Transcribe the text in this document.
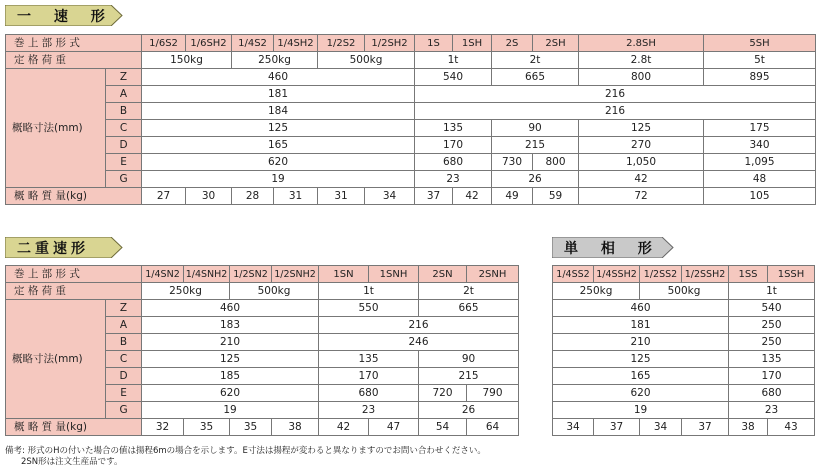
一 速 形
二重速形	単 相 形
巻 上 部 形 式		1/6S2	1/6SH2	1/4S2	1/4SH2	1/2S2	1/2SH2	1S	1SH	2S	2SH	2.8SH	5SH
定 格 荷 重		150kg		250kg		500kg		1t		2t		2.8t	5t
概略寸法(mm)	Z	460						540		665		800	895
	A	181						216					
	B	184						216					
	C	125						135		90		125	175
	D	165						170		215		270	340
	E	620						680		730	800	1,050	1,095
	G	19						23		26		42	48
概 略 質 量(kg)		27	30	28	31	31	34	37	42	49	59	72	105
巻 上 部 形 式		1/4SN2	1/4SNH2	1/2SN2	1/2SNH2	1SN	1SNH	2SN	2SNH
定 格 荷 重		250kg		500kg		1t		2t	
概略寸法(mm)	Z	460				550		665	
	A	183				216			
	B	210				246			
	C	125				135		90	
	D	185				170		215	
	E	620				680		720	790
	G	19				23		26	
概 略 質 量(kg)		32	35	35	38	42	47	54	64
1/4SS2	1/4SSH2	1/2SS2	1/2SSH2	1SS	1SSH
250kg		500kg		1t	
460				540	
181				250	
210				250	
125				135	
165				170	
620				680	
19				23	
34	37	34	37	38	43
備考: 形式のHの付いた場合の値は揚程6mの場合を示します。E寸法は揚程が変わると異なりますのでお問い合わせください。
2SN形は注文生産品です。
